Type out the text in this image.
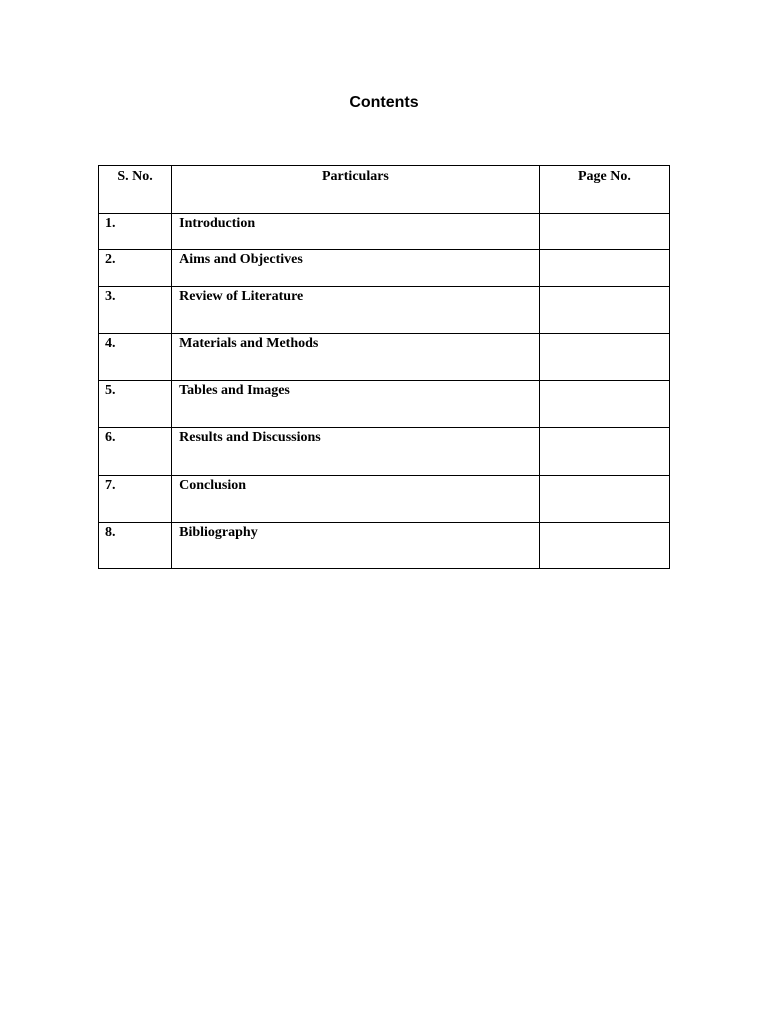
Contents
S. No.	Particulars	Page No.
1.	Introduction	
2.	Aims and Objectives	
3.	Review of Literature	
4.	Materials and Methods	
5.	Tables and Images	
6.	Results and Discussions	
7.	Conclusion	
8.	Bibliography	
